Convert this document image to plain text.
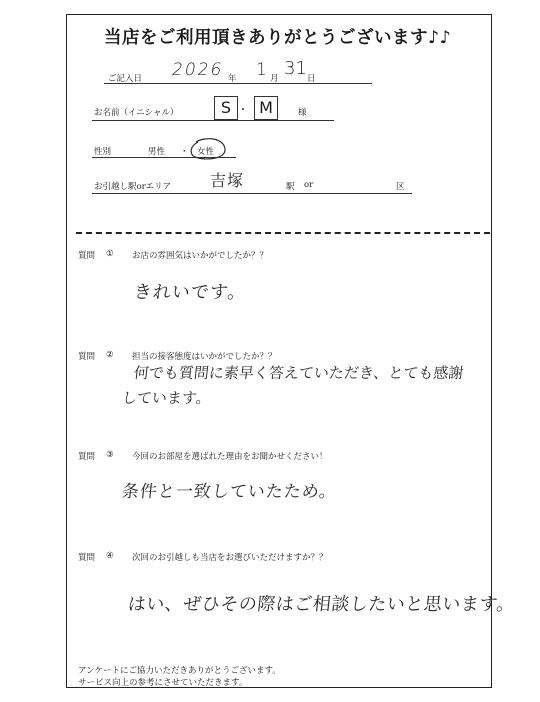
当店をご利用頂きありがとうございます♪♪
ご記入日 2026 年 1 月 31 日
お名前（イニシャル）	S ・ M	様
性別	男性 ・ 女性
お引越し駅orエリア 吉塚	駅 or	区
質問 ① お店の雰囲気はいかがでしたか？？
きれいです。
質問 ② 担当の接客態度はいかがでしたか？？
何でも質問に素早く答えていただき、とても感謝
しています。
質問 ③ 今回のお部屋を選ばれた理由をお聞かせください！
条件と一致していたため。
質問 ④ 次回のお引越しも当店をお選びいただけますか？？
はい、ぜひその際はご相談したいと思います。
アンケートにご協力いただきありがとうございます。
サービス向上の参考にさせていただきます。
